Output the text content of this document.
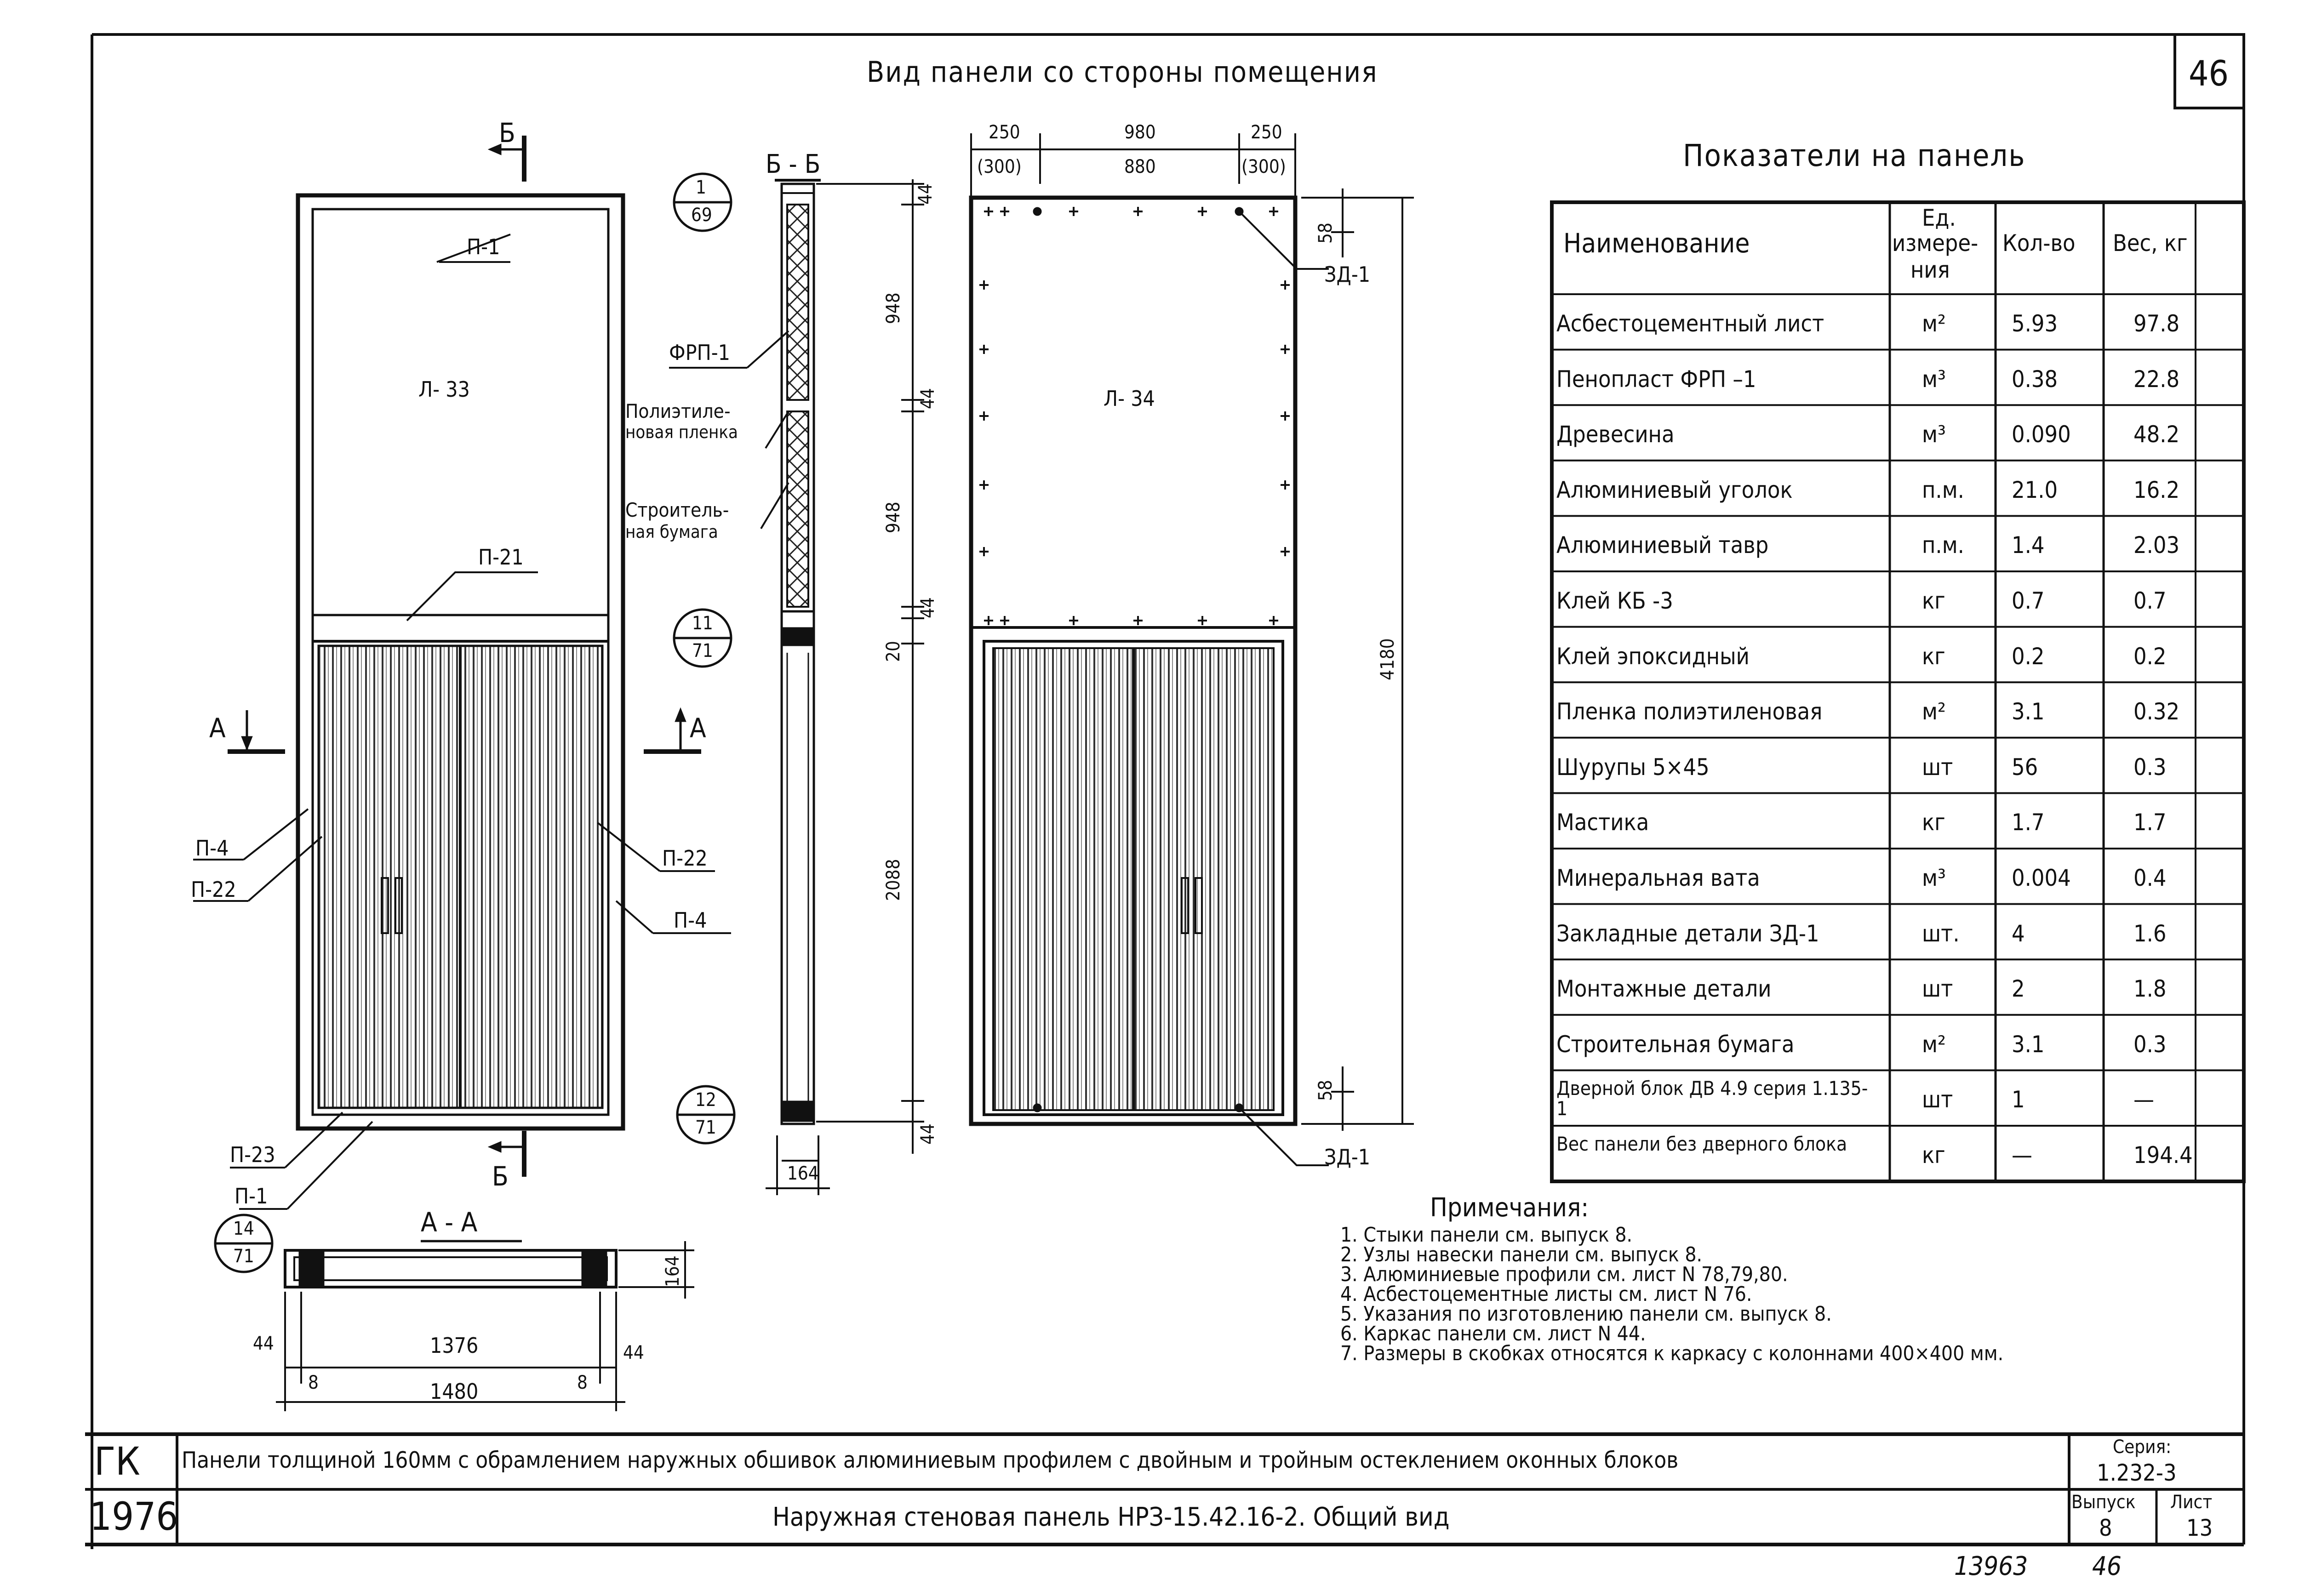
46
Вид панели со стороны помещения
Б
П-1
Л- 33
П-21
А	А
П-4
П-22
П-22
П-4
П-23
П-1
Б
Л- 34
ЗД-1
ЗД-1
Б - Б
А - А
1
69
11
71
12
71
14
71
ФРП-1
Полиэтиле-
новая пленка
Строитель-
ная бумага
44
948
44
948
44
20
2088
44
164
250
(300)
980
880
250
(300)
58
4180
58
164
44	1376	44
8	1480	8
Показатели на панель
Наименование
Ед.
измере-
ния
Кол-во Вес, кг
Асбестоцементный лист	м²	5.93	97.8
Пенопласт ФРП –1	м³	0.38	22.8
Древесина	м³	0.090	48.2
Алюминиевый уголок	п.м. 21.0	16.2
Алюминиевый тавр	п.м. 1.4	2.03
Клей КБ -3	кг	0.7	0.7
Клей эпоксидный	кг	0.2	0.2
Пленка полиэтиленовая	м²	3.1	0.32
Шурупы 5×45	шт	56	0.3
Мастика	кг	1.7	1.7
Минеральная вата	м³	0.004	0.4
Закладные детали ЗД-1	шт. 4	1.6
Монтажные детали	шт	2	1.8
Строительная бумага	м²	3.1	0.3
Дверной блок ДВ 4.9 серия 1.135-1	шт	1	—
Вес панели без дверного блока	кг	—	194.4
Примечания:
1. Стыки панели см. выпуск 8.
2. Узлы навески панели см. выпуск 8.
3. Алюминиевые профили см. лист N 78,79,80.
4. Асбестоцементные листы см. лист N 76.
5. Указания по изготовлению панели см. выпуск 8.
6. Каркас панели см. лист N 44.
7. Размеры в скобках относятся к каркасу с колоннами 400×400 мм.
ГК
1976
Панели толщиной 160мм с обрамлением наружных обшивок алюминиевым профилем с двойным и тройным остеклением оконных блоков
Наружная стеновая панель НРЗ-15.42.16-2. Общий вид
Серия:
1.232-3
Выпуск
8
Лист
13
13963 46
